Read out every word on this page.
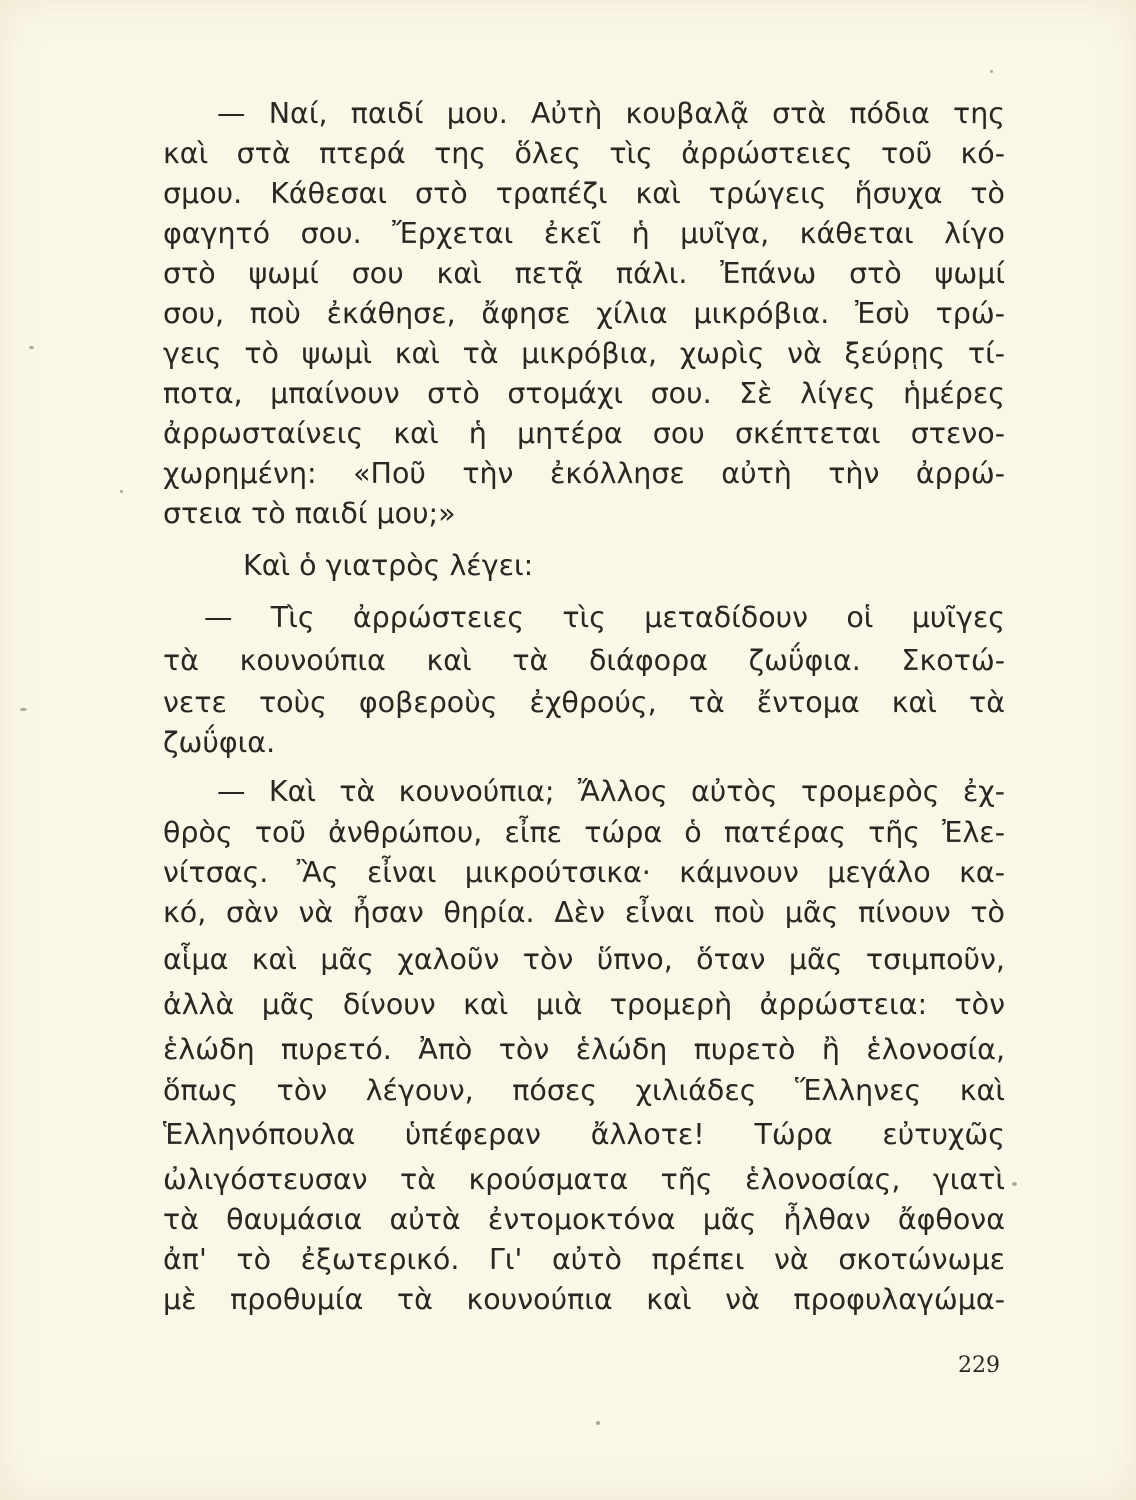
— Ναί, παιδί μου. Αὐτὴ κουβαλᾷ στὰ πόδια της
καὶ στὰ πτερά της ὅλες τὶς ἀρρώστειες τοῦ κό-
σμου. Κάθεσαι στὸ τραπέζι καὶ τρώγεις ἥσυχα τὸ
φαγητό σου. Ἔρχεται ἐκεῖ ἡ μυῖγα, κάθεται λίγο
στὸ ψωμί σου καὶ πετᾷ πάλι. Ἐπάνω στὸ ψωμί
σου, ποὺ ἐκάθησε, ἄφησε χίλια μικρόβια. Ἐσὺ τρώ-
γεις τὸ ψωμὶ καὶ τὰ μικρόβια, χωρὶς νὰ ξεύρῃς τί-
ποτα, μπαίνουν στὸ στομάχι σου. Σὲ λίγες ἡμέρες
ἀρρωσταίνεις καὶ ἡ μητέρα σου σκέπτεται στενο-
χωρημένη: «Ποῦ τὴν ἐκόλλησε αὐτὴ τὴν ἀρρώ-
στεια τὸ παιδί μου;»
Καὶ ὁ γιατρὸς λέγει:
— Τὶς ἀρρώστειες τὶς μεταδίδουν οἱ μυῖγες
τὰ κουνούπια καὶ τὰ διάφορα ζωΰφια. Σκοτώ-
νετε τοὺς φοβεροὺς ἐχθρούς, τὰ ἔντομα καὶ τὰ
ζωΰφια.
— Καὶ τὰ κουνούπια; Ἄλλος αὐτὸς τρομερὸς ἐχ-
θρὸς τοῦ ἀνθρώπου, εἶπε τώρα ὁ πατέρας τῆς Ἐλε-
νίτσας. Ἂς εἶναι μικρούτσικα· κάμνουν μεγάλο κα-
κό, σὰν νὰ ἦσαν θηρία. Δὲν εἶναι ποὺ μᾶς πίνουν τὸ
αἷμα καὶ μᾶς χαλοῦν τὸν ὕπνο, ὅταν μᾶς τσιμποῦν,
ἀλλὰ μᾶς δίνουν καὶ μιὰ τρομερὴ ἀρρώστεια: τὸν
ἑλώδη πυρετό. Ἀπὸ τὸν ἑλώδη πυρετὸ ἢ ἑλονοσία,
ὅπως τὸν λέγουν, πόσες χιλιάδες Ἕλληνες καὶ
Ἑλληνόπουλα ὑπέφεραν ἄλλοτε! Τώρα εὐτυχῶς
ὠλιγόστευσαν τὰ κρούσματα τῆς ἑλονοσίας, γιατὶ
τὰ θαυμάσια αὐτὰ ἐντομοκτόνα μᾶς ἦλθαν ἄφθονα
ἀπ' τὸ ἐξωτερικό. Γι' αὐτὸ πρέπει νὰ σκοτώνωμε
μὲ προθυμία τὰ κουνούπια καὶ νὰ προφυλαγώμα-
229
